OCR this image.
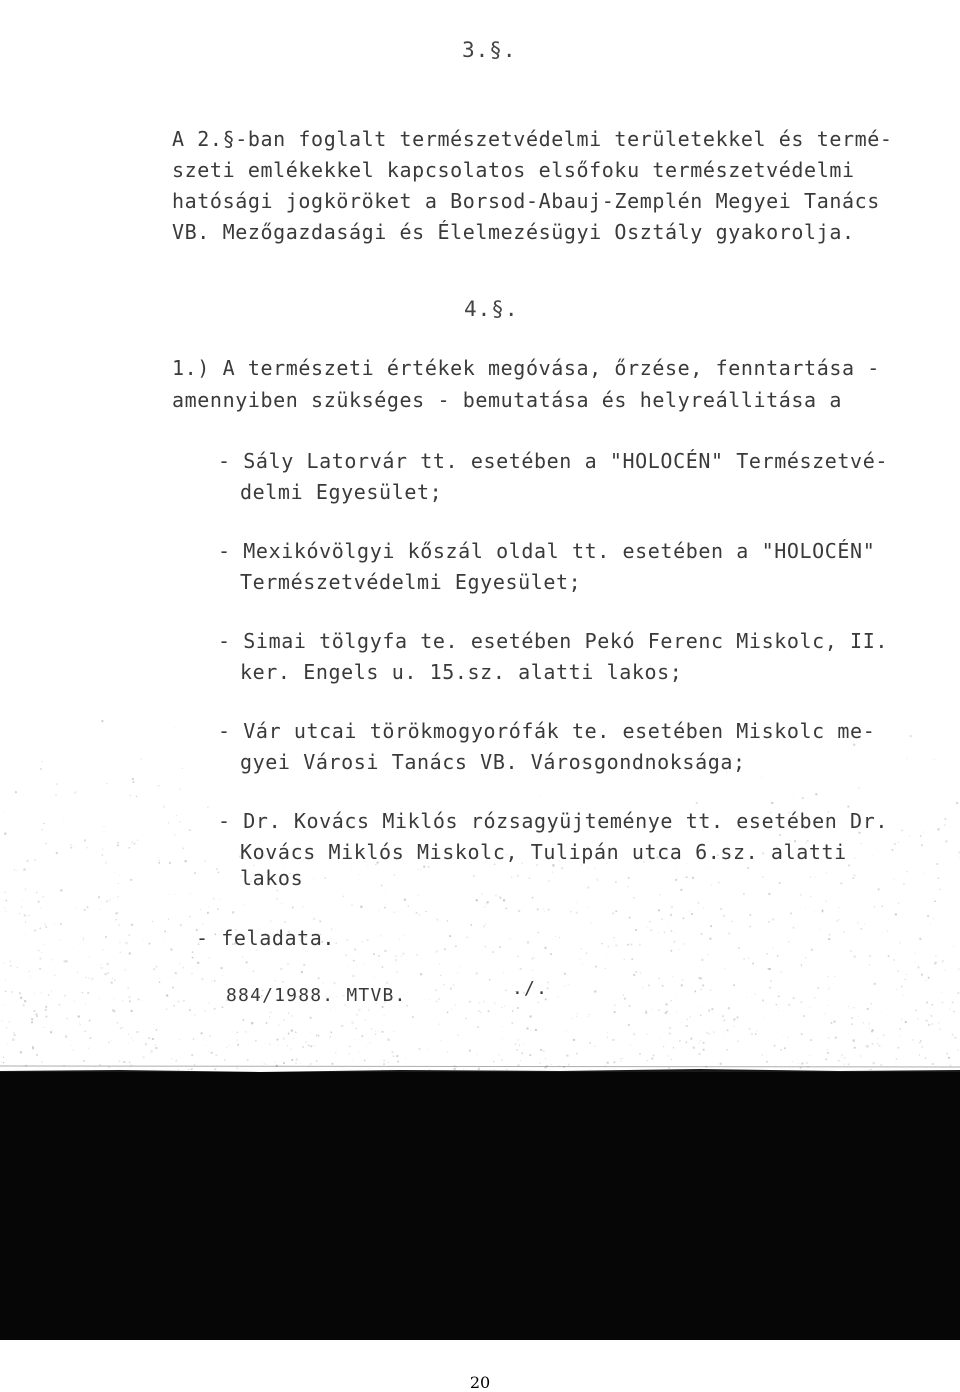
3.§.
A 2.§-ban foglalt természetvédelmi területekkel és termé-
szeti emlékekkel kapcsolatos elsőfoku természetvédelmi
hatósági jogköröket a Borsod-Abauj-Zemplén Megyei Tanács
VB. Mezőgazdasági és Élelmezésügyi Osztály gyakorolja.
4.§.
1.) A természeti értékek megóvása, őrzése, fenntartása -
amennyiben szükséges - bemutatása és helyreállitása a
- Sály Latorvár tt. esetében a "HOLOCÉN" Természetvé-
delmi Egyesület;
- Mexikóvölgyi kőszál oldal tt. esetében a "HOLOCÉN"
Természetvédelmi Egyesület;
- Simai tölgyfa te. esetében Pekó Ferenc Miskolc, II.
ker. Engels u. 15.sz. alatti lakos;
- Vár utcai törökmogyorófák te. esetében Miskolc me-
gyei Városi Tanács VB. Városgondnoksága;
- Dr. Kovács Miklós rózsagyüjteménye tt. esetében Dr.
Kovács Miklós Miskolc, Tulipán utca 6.sz. alatti
lakos
- feladata.
884/1988. MTVB.	./.
20
